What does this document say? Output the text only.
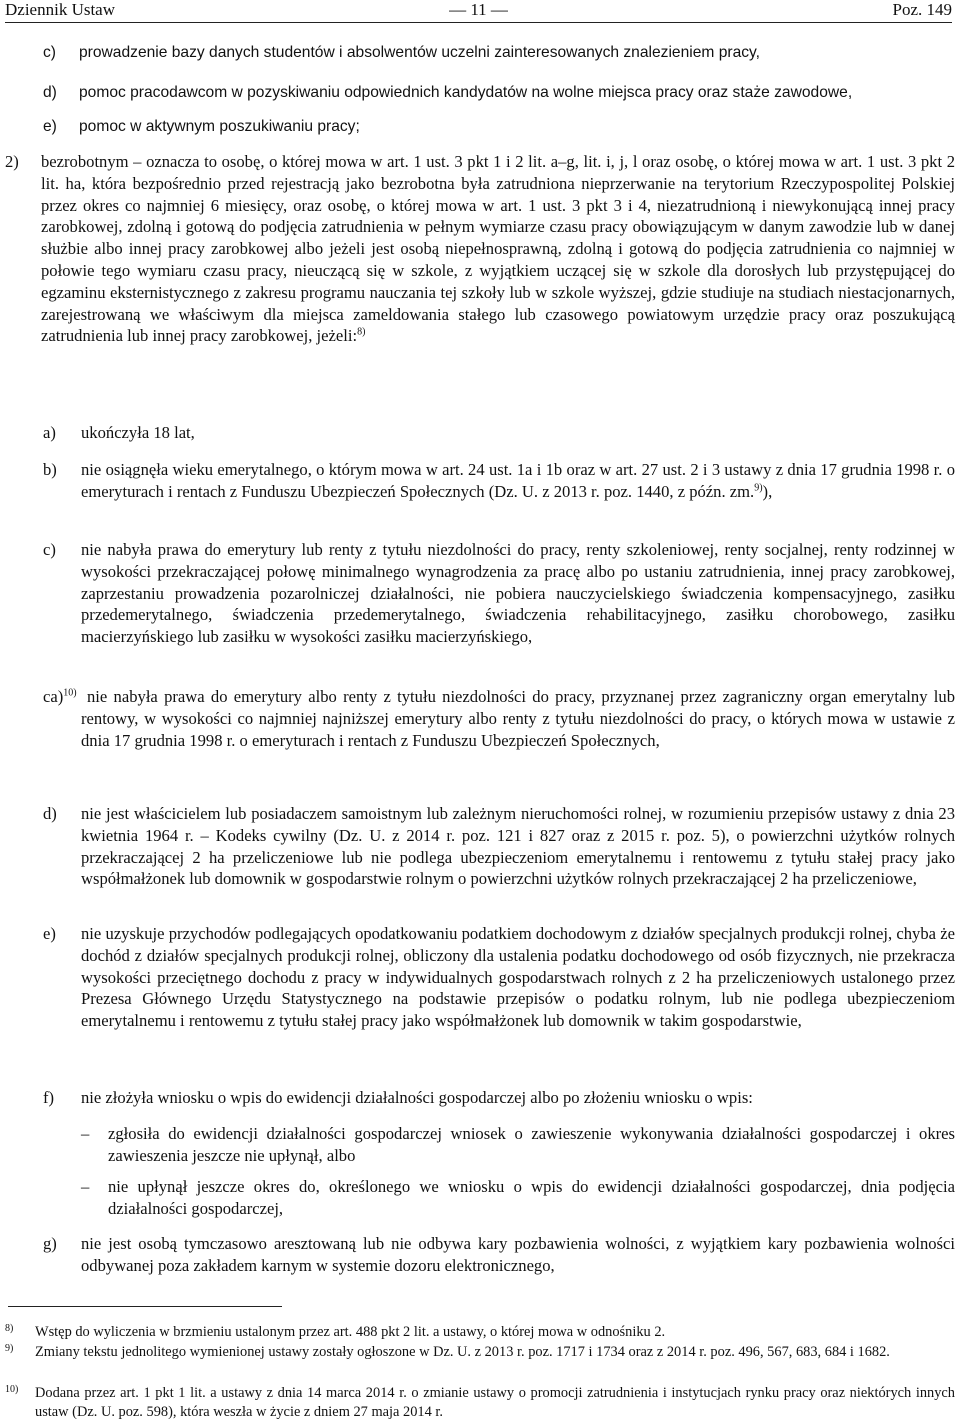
Dziennik Ustaw	— 11 —	Poz. 149
c) prowadzenie bazy danych studentów i absolwentów uczelni zainteresowanych znalezieniem pracy,

d) pomoc pracodawcom w pozyskiwaniu odpowiednich kandydatów na wolne miejsca pracy oraz staże zawodowe,

e) pomoc w aktywnym poszukiwaniu pracy;

2) bezrobotnym – oznacza to osobę, o której mowa w art. 1 ust. 3 pkt 1 i 2 lit. a–g, lit. i, j, l oraz osobę, o której mowa w art. 1 ust. 3 pkt 2 lit. ha, która bezpośrednio przed rejestracją jako bezrobotna była zatrudniona nieprzerwanie na terytorium Rzeczypospolitej Polskiej przez okres co najmniej 6 miesięcy, oraz osobę, o której mowa w art. 1 ust. 3 pkt 3 i 4, niezatrudnioną i niewykonującą innej pracy zarobkowej, zdolną i gotową do podjęcia zatrudnienia w pełnym wymiarze czasu pracy obowiązującym w danym zawodzie lub w danej służbie albo innej pracy zarobkowej albo jeżeli jest osobą niepełnosprawną, zdolną i gotową do podjęcia zatrudnienia co najmniej w połowie tego wymiaru czasu pracy, nieuczącą się w szkole, z wyjątkiem uczącej się w szkole dla dorosłych lub przystępującej do egzaminu eksternistycznego z zakresu programu nauczania tej szkoły lub w szkole wyższej, gdzie studiuje na studiach niestacjonarnych, zarejestrowaną we właściwym dla miejsca zameldowania stałego lub czasowego powiatowym urzędzie pracy oraz poszukującą zatrudnienia lub innej pracy zarobkowej, jeżeli:$^{8)}$

a) ukończyła 18 lat,

b) nie osiągnęła wieku emerytalnego, o którym mowa w art. 24 ust. 1a i 1b oraz w art. 27 ust. 2 i 3 ustawy z dnia 17 grudnia 1998 r. o emeryturach i rentach z Funduszu Ubezpieczeń Społecznych (Dz. U. z 2013 r. poz. 1440, z późn. zm.$^{9)}$),

c) nie nabyła prawa do emerytury lub renty z tytułu niezdolności do pracy, renty szkoleniowej, renty socjalnej, renty rodzinnej w wysokości przekraczającej połowę minimalnego wynagrodzenia za pracę albo po ustaniu zatrudnienia, innej pracy zarobkowej, zaprzestaniu prowadzenia pozarolniczej działalności, nie pobiera nauczycielskiego świadczenia kompensacyjnego, zasiłku przedemerytalnego, świadczenia przedemerytalnego, świadczenia rehabilitacyjnego, zasiłku chorobowego, zasiłku macierzyńskiego lub zasiłku w wysokości zasiłku macierzyńskiego,

ca)$^{10)}$ nie nabyła prawa do emerytury albo renty z tytułu niezdolności do pracy, przyznanej przez zagraniczny organ emerytalny lub rentowy, w wysokości co najmniej najniższej emerytury albo renty z tytułu niezdolności do pracy, o których mowa w ustawie z dnia 17 grudnia 1998 r. o emeryturach i rentach z Funduszu Ubezpieczeń Społecznych,

d) nie jest właścicielem lub posiadaczem samoistnym lub zależnym nieruchomości rolnej, w rozumieniu przepisów ustawy z dnia 23 kwietnia 1964 r. – Kodeks cywilny (Dz. U. z 2014 r. poz. 121 i 827 oraz z 2015 r. poz. 5), o powierzchni użytków rolnych przekraczającej 2 ha przeliczeniowe lub nie podlega ubezpieczeniom emerytalnemu i rentowemu z tytułu stałej pracy jako współmałżonek lub domownik w gospodarstwie rolnym o powierzchni użytków rolnych przekraczającej 2 ha przeliczeniowe,

e) nie uzyskuje przychodów podlegających opodatkowaniu podatkiem dochodowym z działów specjalnych produkcji rolnej, chyba że dochód z działów specjalnych produkcji rolnej, obliczony dla ustalenia podatku dochodowego od osób fizycznych, nie przekracza wysokości przeciętnego dochodu z pracy w indywidualnych gospodarstwach rolnych z 2 ha przeliczeniowych ustalonego przez Prezesa Głównego Urzędu Statystycznego na podstawie przepisów o podatku rolnym, lub nie podlega ubezpieczeniom emerytalnemu i rentowemu z tytułu stałej pracy jako współmałżonek lub domownik w takim gospodarstwie,

f) nie złożyła wniosku o wpis do ewidencji działalności gospodarczej albo po złożeniu wniosku o wpis:

– zgłosiła do ewidencji działalności gospodarczej wniosek o zawieszenie wykonywania działalności gospodarczej i okres zawieszenia jeszcze nie upłynął, albo

– nie upłynął jeszcze okres do, określonego we wniosku o wpis do ewidencji działalności gospodarczej, dnia podjęcia działalności gospodarczej,

g) nie jest osobą tymczasowo aresztowaną lub nie odbywa kary pozbawienia wolności, z wyjątkiem kary pozbawienia wolności odbywanej poza zakładem karnym w systemie dozoru elektronicznego,

8) Wstęp do wyliczenia w brzmieniu ustalonym przez art. 488 pkt 2 lit. a ustawy, o której mowa w odnośniku 2.
9) Zmiany tekstu jednolitego wymienionej ustawy zostały ogłoszone w Dz. U. z 2013 r. poz. 1717 i 1734 oraz z 2014 r. poz. 496, 567, 683, 684 i 1682.
10) Dodana przez art. 1 pkt 1 lit. a ustawy z dnia 14 marca 2014 r. o zmianie ustawy o promocji zatrudnienia i instytucjach rynku pracy oraz niektórych innych ustaw (Dz. U. poz. 598), która weszła w życie z dniem 27 maja 2014 r.
